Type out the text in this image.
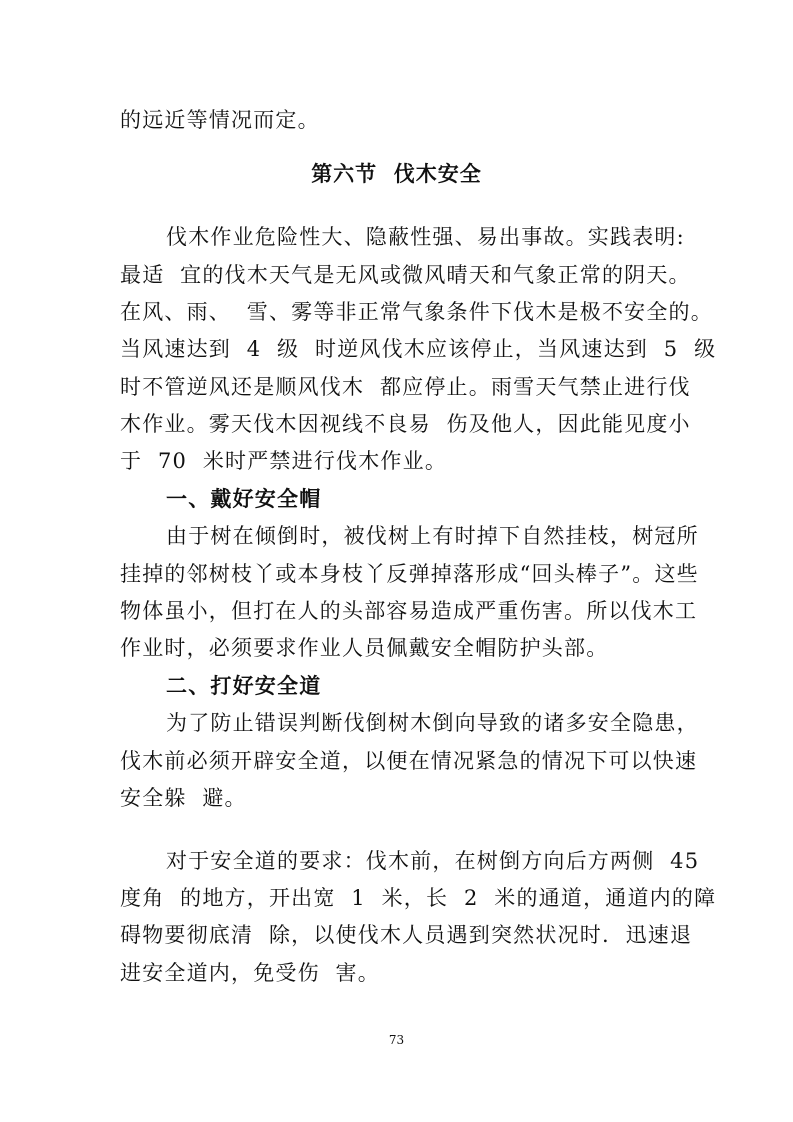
的远近等情况而定。
第六节  伐木安全
伐木作业危险性大、隐蔽性强、易出事故。实践表明:
最适  宜的伐木天气是无风或微风晴天和气象正常的阴天。
在风、雨、  雪、雾等非正常气象条件下伐木是极不安全的。
当风速达到  4  级  时逆风伐木应该停止，当风速达到  5  级
时不管逆风还是顺风伐木  都应停止。雨雪天气禁止进行伐
木作业。雾天伐木因视线不良易  伤及他人，因此能见度小
于  70  米时严禁进行伐木作业。
一、戴好安全帽
由于树在倾倒时，被伐树上有时掉下自然挂枝，树冠所
挂掉的邻树枝丫或本身枝丫反弹掉落形成“回头棒子”。这些
物体虽小，但打在人的头部容易造成严重伤害。所以伐木工
作业时，必须要求作业人员佩戴安全帽防护头部。
二、打好安全道
为了防止错误判断伐倒树木倒向导致的诸多安全隐患，
伐木前必须开辟安全道，以便在情况紧急的情况下可以快速
安全躲  避。
对于安全道的要求：伐木前，在树倒方向后方两侧  45
度角  的地方，开出宽  1  米，长  2  米的通道，通道内的障
碍物要彻底清  除，以使伐木人员遇到突然状况时.  迅速退
进安全道内，免受伤  害。
73
